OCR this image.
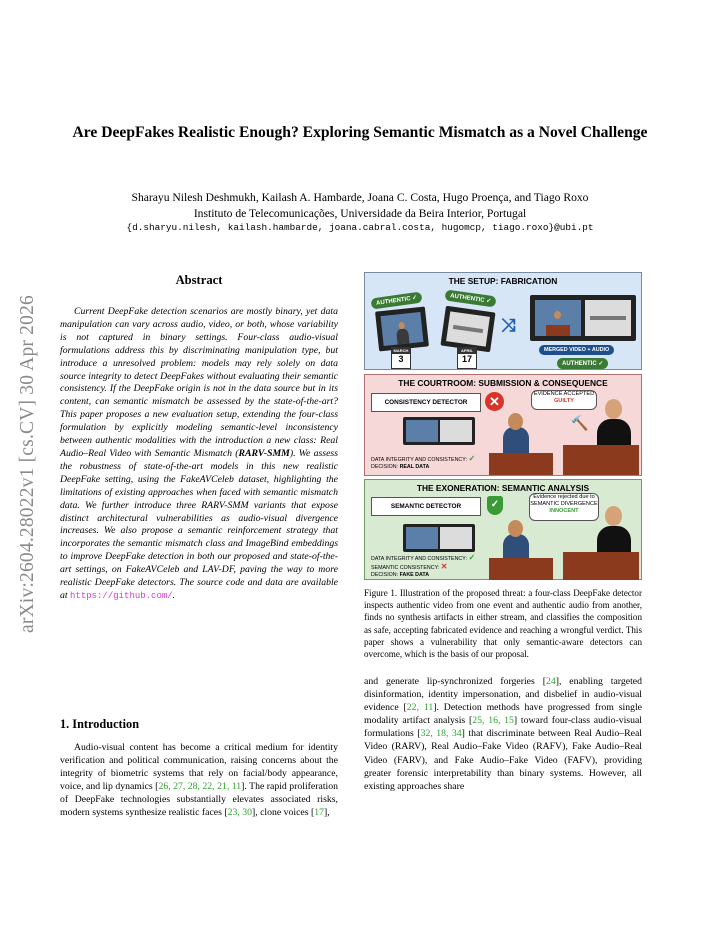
arXiv:2604.28022v1 [cs.CV] 30 Apr 2026
Are DeepFakes Realistic Enough? Exploring Semantic Mismatch as a Novel Challenge
Sharayu Nilesh Deshmukh, Kailash A. Hambarde, Joana C. Costa, Hugo Proença, and Tiago Roxo
Instituto de Telecomunicações, Universidade da Beira Interior, Portugal
{d.sharyu.nilesh, kailash.hambarde, joana.cabral.costa, hugomcp, tiago.roxo}@ubi.pt
Abstract
Current DeepFake detection scenarios are mostly binary, yet data manipulation can vary across audio, video, or both, whose variability is not captured in binary settings. Four-class audio-visual formulations address this by discriminating manipulation type, but introduce a unresolved problem: models may rely solely on data source integrity to detect DeepFakes without evaluating their semantic consistency. If the DeepFake origin is not in the data source but in its content, can semantic mismatch be assessed by the state-of-the-art? This paper proposes a new evaluation setup, extending the four-class formulation by explicitly modeling semantic-level inconsistency between authentic modalities with the introduction a new class: Real Audio–Real Video with Semantic Mismatch (RARV-SMM). We assess the robustness of state-of-the-art models in this new realistic DeepFake setting, using the FakeAVCeleb dataset, highlighting the limitations of existing approaches when faced with semantic mismatch data. We further introduce three RARV-SMM variants that expose distinct architectural vulnerabilities as audio-visual divergence increases. We also propose a semantic reinforcement strategy that incorporates the semantic mismatch class and ImageBind embeddings to improve DeepFake detection in both our proposed and state-of-the-art settings, on FakeAVCeleb and LAV-DF, paving the way to more realistic DeepFake detectors. The source code and data are available at https://github.com/.
THE SETUP: FABRICATION
AUTHENTIC ✓
MARCH
3
AUTHENTIC ✓
APRIL
17
⤨
MERGED VIDEO + AUDIO
AUTHENTIC ✓
THE COURTROOM: SUBMISSION & CONSEQUENCE
CONSISTENCY DETECTOR	✕	EVIDENCE ACCEPTED
GUILTY
🔨
DATA INTEGRITY AND CONSISTENCY: ✓
DECISION: REAL DATA
THE EXONERATION: SEMANTIC ANALYSIS
SEMANTIC DETECTOR	✓
Evidence rejected due to
SEMANTIC DIVERGENCE
INNOCENT
DATA INTEGRITY AND CONSISTENCY: ✓
SEMANTIC CONSISTENCY: ✕
DECISION: FAKE DATA
Figure 1. Illustration of the proposed threat: a four-class DeepFake detector inspects authentic video from one event and authentic audio from another, finds no synthesis artifacts in either stream, and classifies the composition as safe, accepting fabricated evidence and reaching a wrongful verdict. This paper shows a vulnerability that only semantic-aware detectors can overcome, which is the basis of our proposal.
1. Introduction
Audio-visual content has become a critical medium for identity verification and political communication, raising concerns about the integrity of biometric systems that rely on facial/body appearance, voice, and lip dynamics [26, 27, 28, 22, 21, 11]. The rapid proliferation of DeepFake technologies substantially elevates associated risks, modern systems synthesize realistic faces [23, 30], clone voices [17],
and generate lip-synchronized forgeries [24], enabling targeted disinformation, identity impersonation, and disbelief in audio-visual evidence [22, 11]. Detection methods have progressed from single modality artifact analysis [25, 16, 15] toward four-class audio-visual formulations [32, 18, 34] that discriminate between Real Audio–Real Video (RARV), Real Audio–Fake Video (RAFV), Fake Audio–Real Video (FARV), and Fake Audio–Fake Video (FAFV), providing greater forensic interpretability than binary systems. However, all existing approaches share
